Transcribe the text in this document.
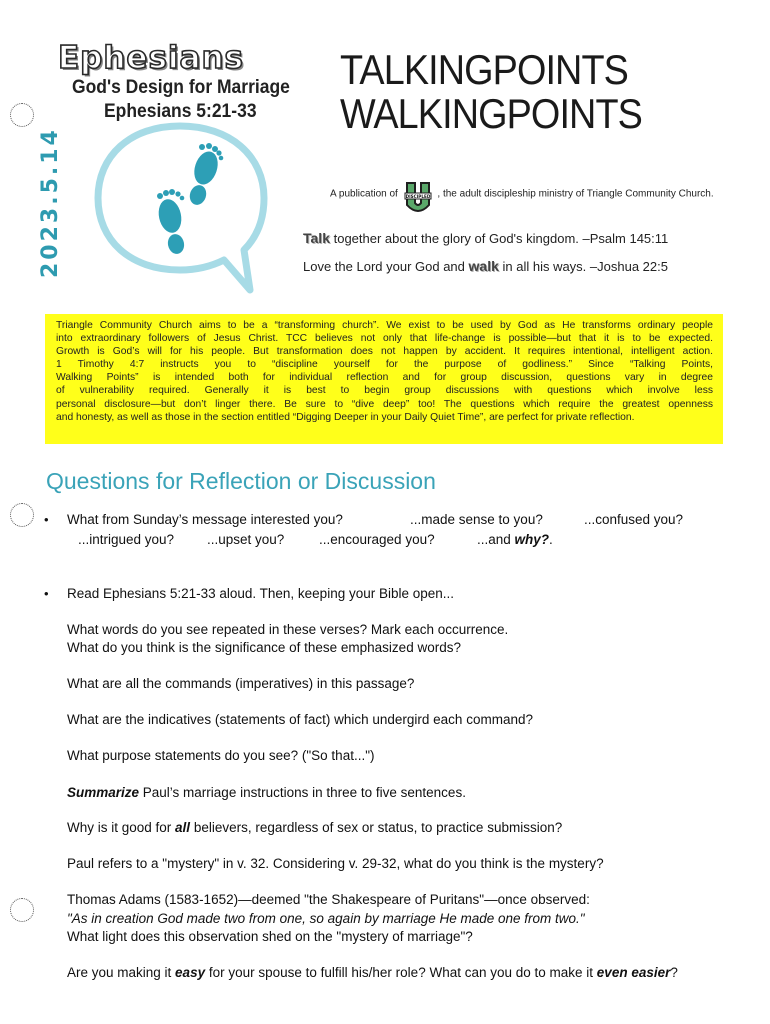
2023.5.14
Ephesians
God's Design for Marriage
Ephesians 5:21-33
TALKINGPOINTS
WALKINGPOINTS
A publication of DISCIPLED , the adult discipleship ministry of Triangle Community Church.
Talk together about the glory of God's kingdom. –Psalm 145:11
Love the Lord your God and walk in all his ways. –Joshua 22:5

Triangle Community Church aims to be a “transforming church”. We exist to be used by God as He transforms ordinary people

into extraordinary followers of Jesus Christ. TCC believes not only that life-change is possible—but that it is to be expected.

Growth is God’s will for his people. But transformation does not happen by accident. It requires intentional, intelligent action.

1 Timothy 4:7 instructs you to “discipline yourself for the purpose of godliness.” Since “Talking Points,

Walking Points” is intended both for individual reflection and for group discussion, questions vary in degree

of vulnerability required. Generally it is best to begin group discussions with questions which involve less

personal disclosure—but don’t linger there. Be sure to “dive deep” too! The questions which require the greatest openness

and honesty, as well as those in the section entitled “Digging Deeper in your Daily Quiet Time”, are perfect for private reflection.

Questions for Reflection or Discussion
• What from Sunday’s message interested you?	...made sense to you?	...confused you?
...intrigued you? ...upset you?	...encouraged you?	...and why?.
• Read Ephesians 5:21-33 aloud. Then, keeping your Bible open...
What words do you see repeated in these verses? Mark each occurrence.
What do you think is the significance of these emphasized words?
What are all the commands (imperatives) in this passage?
What are the indicatives (statements of fact) which undergird each command?
What purpose statements do you see? ("So that...")
Summarize Paul’s marriage instructions in three to five sentences.
Why is it good for all believers, regardless of sex or status, to practice submission?
Paul refers to a "mystery" in v. 32. Considering v. 29-32, what do you think is the mystery?
Thomas Adams (1583-1652)—deemed "the Shakespeare of Puritans"—once observed:
"As in creation God made two from one, so again by marriage He made one from two."
What light does this observation shed on the "mystery of marriage"?
Are you making it easy for your spouse to fulfill his/her role? What can you do to make it even easier?
